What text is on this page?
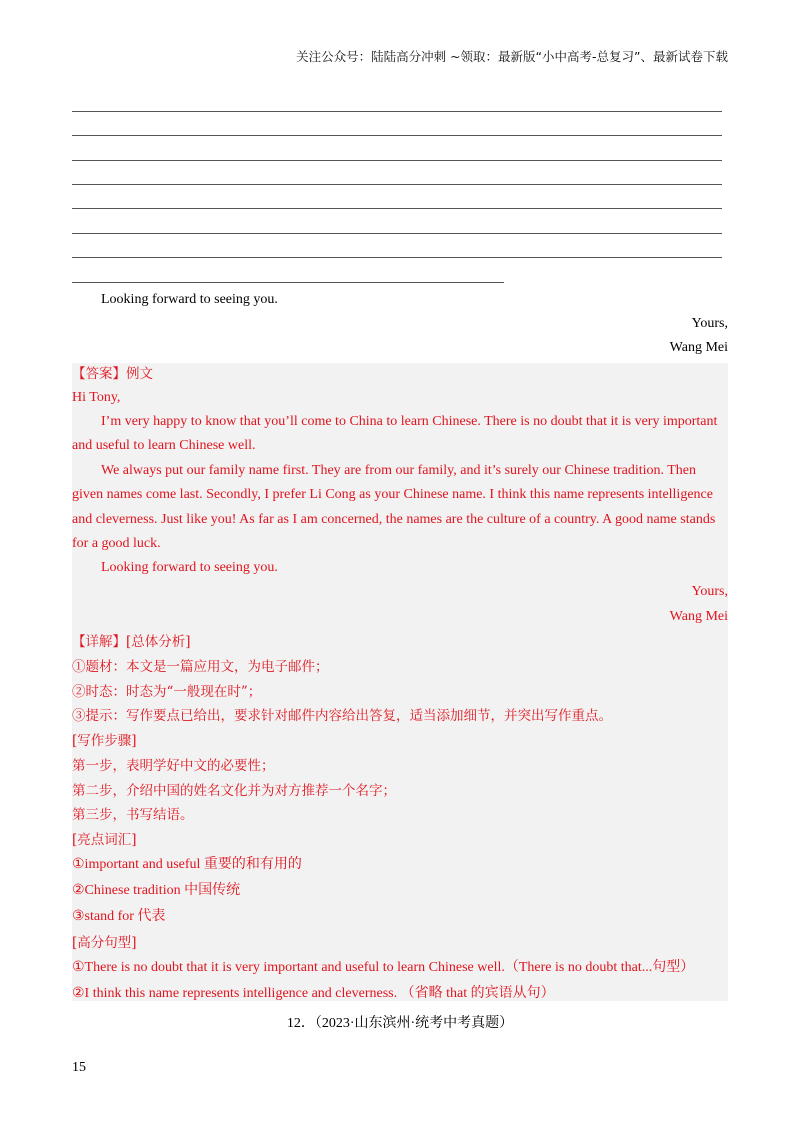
关注公众号：陆陆高分冲刺 ~领取：最新版“小中高考-总复习”、最新试卷下载
Looking forward to seeing you.
Yours,
Wang Mei
【答案】例文
Hi Tony,
I’m very happy to know that you’ll come to China to learn Chinese. There is no doubt that it is very important
and useful to learn Chinese well.
We always put our family name first. They are from our family, and it’s surely our Chinese tradition. Then
given names come last. Secondly, I prefer Li Cong as your Chinese name. I think this name represents intelligence
and cleverness. Just like you! As far as I am concerned, the names are the culture of a country. A good name stands
for a good luck.
Looking forward to seeing you.
Yours,
Wang Mei
【详解】[总体分析]
①题材：本文是一篇应用文，为电子邮件；
②时态：时态为“一般现在时”；
③提示：写作要点已给出，要求针对邮件内容给出答复，适当添加细节，并突出写作重点。
[写作步骤]
第一步，表明学好中文的必要性；
第二步，介绍中国的姓名文化并为对方推荐一个名字；
第三步，书写结语。
[亮点词汇]
①important and useful 重要的和有用的
②Chinese tradition 中国传统
③stand for 代表
[高分句型]
①There is no doubt that it is very important and useful to learn Chinese well.（There is no doubt that...句型）
②I think this name represents intelligence and cleverness. （省略 that 的宾语从句）
12．（2023·山东滨州·统考中考真题）
15
